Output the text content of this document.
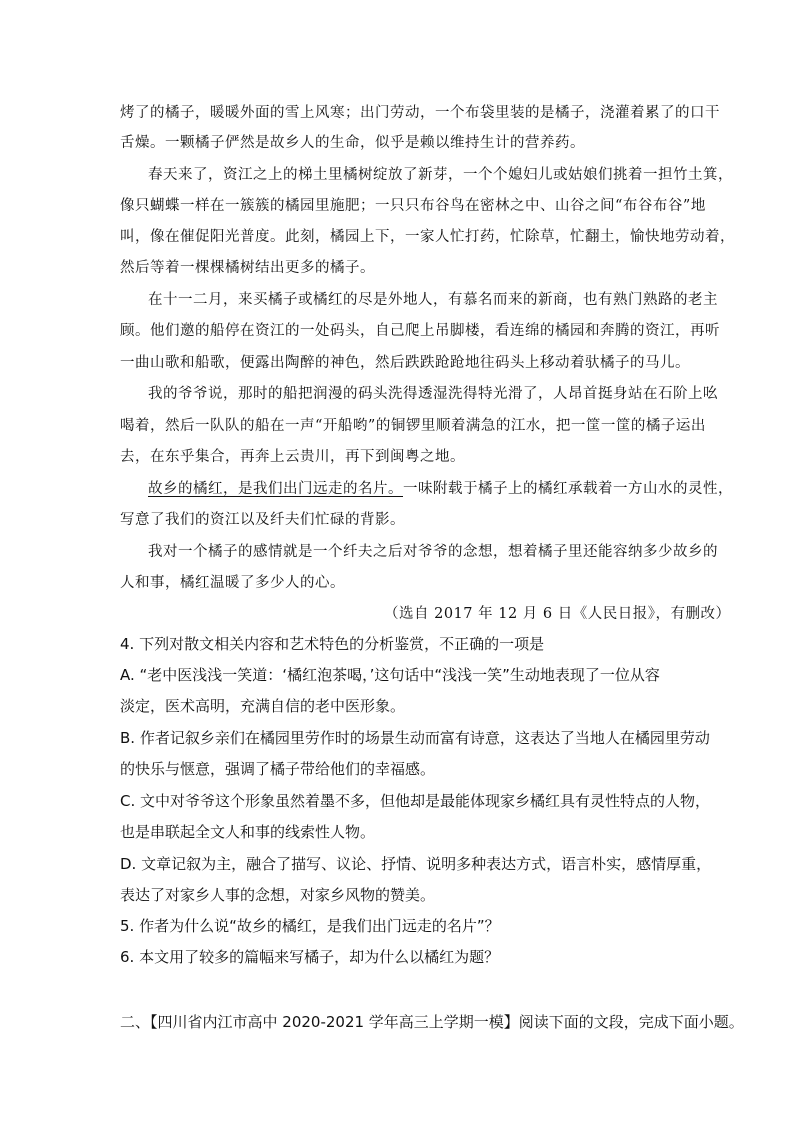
烤了的橘子，暖暖外面的雪上风寒；出门劳动，一个布袋里装的是橘子，浇灌着累了的口干
舌燥。一颗橘子俨然是故乡人的生命，似乎是赖以维持生计的营养药。
春天来了，资江之上的梯土里橘树绽放了新芽，一个个媳妇儿或姑娘们挑着一担竹土箕，
像只蝴蝶一样在一簇簇的橘园里施肥；一只只布谷鸟在密林之中、山谷之间“布谷布谷”地
叫，像在催促阳光普度。此刻，橘园上下，一家人忙打药，忙除草，忙翻土，愉快地劳动着，
然后等着一棵棵橘树结出更多的橘子。
在十一二月，来买橘子或橘红的尽是外地人，有慕名而来的新商，也有熟门熟路的老主
顾。他们邀的船停在资江的一处码头，自己爬上吊脚楼，看连绵的橘园和奔腾的资江，再听
一曲山歌和船歌，便露出陶醉的神色，然后跌跌跄跄地往码头上移动着驮橘子的马儿。
我的爷爷说，那时的船把润漫的码头洗得透湿洗得特光滑了，人昂首挺身站在石阶上吆
喝着，然后一队队的船在一声“开船哟”的铜锣里顺着满急的江水，把一筐一筐的橘子运出
去，在东乎集合，再奔上云贵川，再下到闽粤之地。
故乡的橘红，是我们出门远走的名片。一味附载于橘子上的橘红承载着一方山水的灵性，
写意了我们的资江以及纤夫们忙碌的背影。
我对一个橘子的感情就是一个纤夫之后对爷爷的念想，想着橘子里还能容纳多少故乡的
人和事，橘红温暖了多少人的心。
（选自 2017 年 12 月 6 日《人民日报》，有删改）
4. 下列对散文相关内容和艺术特色的分析鉴赏，不正确的一项是
A. “老中医浅浅一笑道：‘橘红泡茶喝，’这句话中“浅浅一笑”生动地表现了一位从容
淡定，医术高明，充满自信的老中医形象。
B. 作者记叙乡亲们在橘园里劳作时的场景生动而富有诗意，这表达了当地人在橘园里劳动
的快乐与惬意，强调了橘子带给他们的幸福感。
C. 文中对爷爷这个形象虽然着墨不多，但他却是最能体现家乡橘红具有灵性特点的人物，
也是串联起全文人和事的线索性人物。
D. 文章记叙为主，融合了描写、议论、抒情、说明多种表达方式，语言朴实，感情厚重，
表达了对家乡人事的念想，对家乡风物的赞美。
5. 作者为什么说“故乡的橘红，是我们出门远走的名片”？
6. 本文用了较多的篇幅来写橘子，却为什么以橘红为题？
二、【四川省内江市高中 2020-2021 学年高三上学期一模】阅读下面的文段，完成下面小题。
